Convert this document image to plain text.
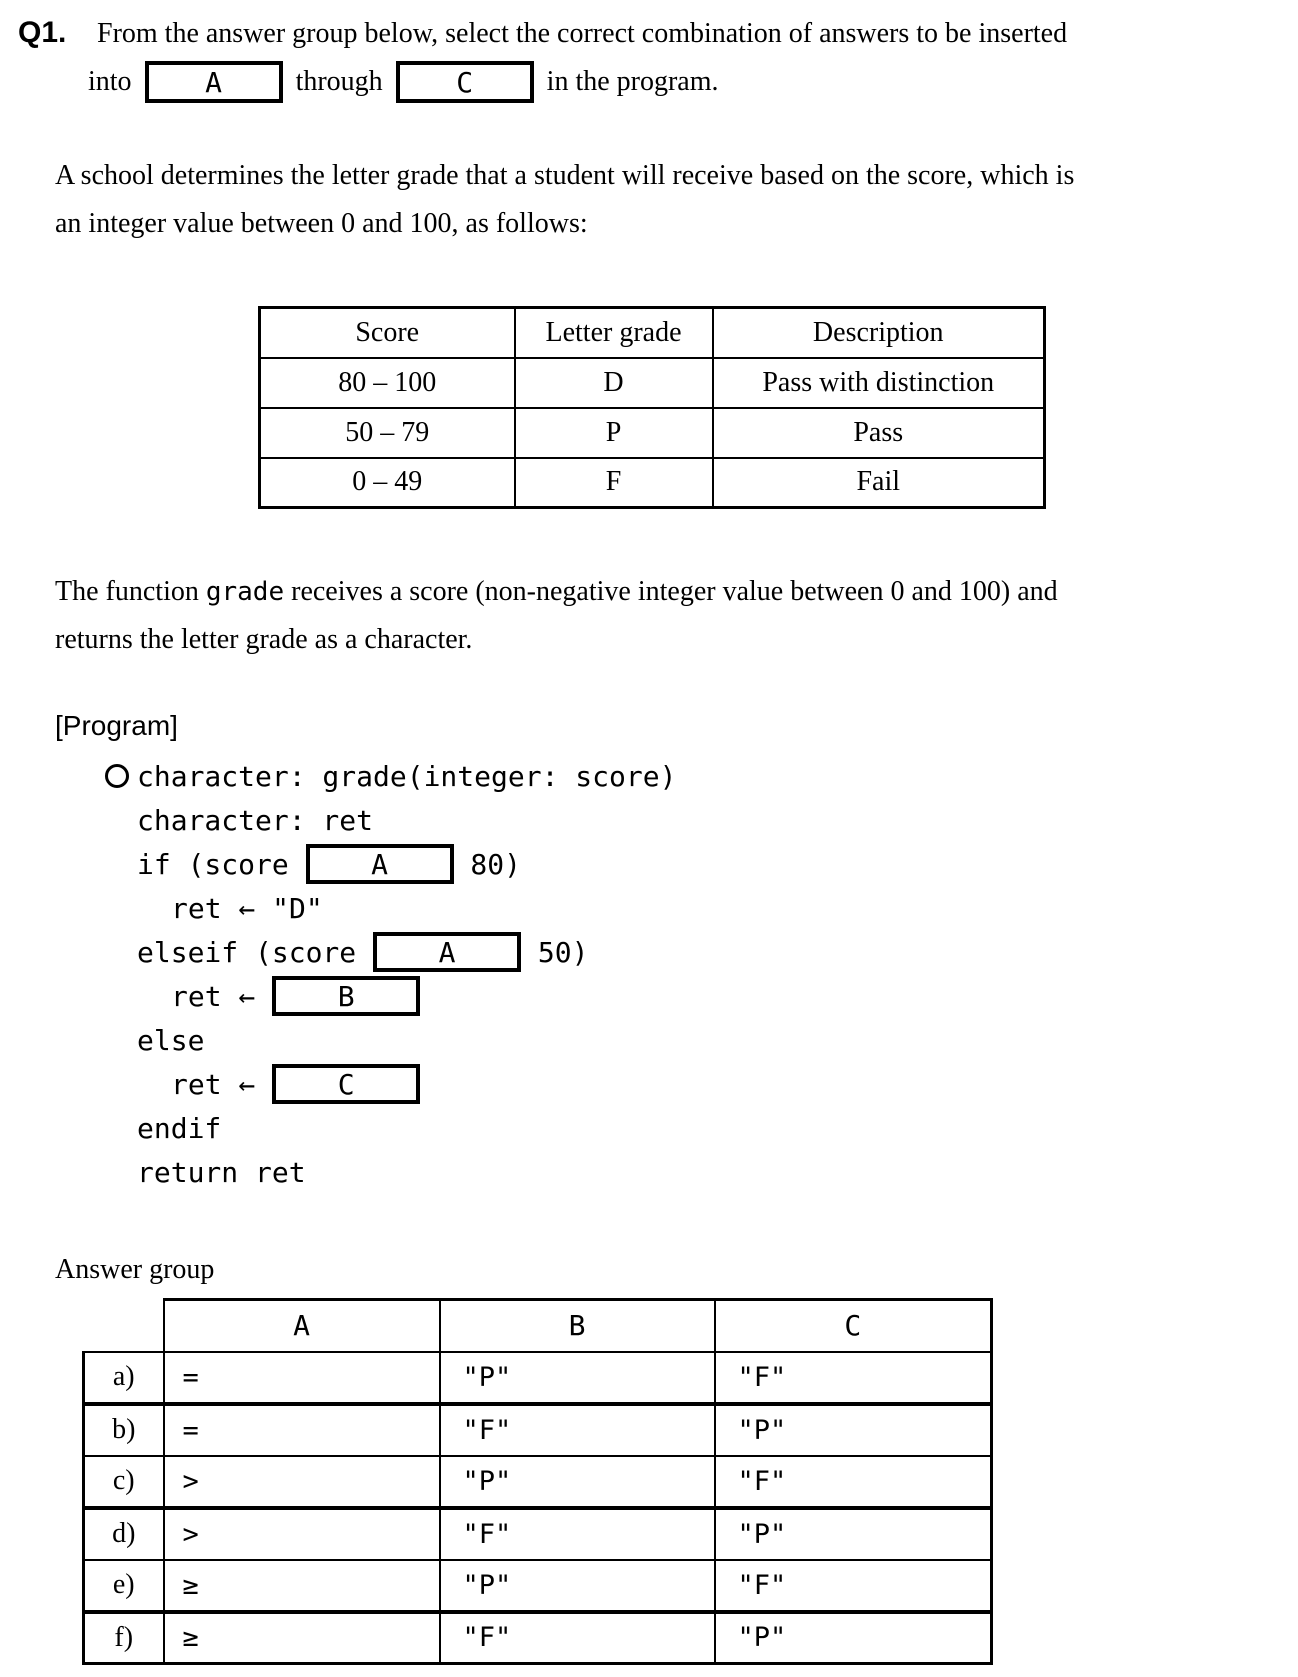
Q1. From the answer group below, select the correct combination of answers to be inserted
into	A	through	C	in the program.
A school determines the letter grade that a student will receive based on the score, which is
an integer value between 0 and 100, as follows:
Score	Letter grade	Description
80 – 100	D	Pass with distinction
50 – 79	P	Pass
0 – 49	F	Fail
The function grade receives a score (non-negative integer value between 0 and 100) and
returns the letter grade as a character.
[Program]
character: grade(integer: score)
character: ret
if (score	A	80)
ret ← "D"
elseif (score	A	50)
ret ←	B
else
ret ←	C
endif
return ret
Answer group
	A	B	C
a)	=	"P"	"F"
b)	=	"F"	"P"
c)	>	"P"	"F"
d)	>	"F"	"P"
e)	≥	"P"	"F"
f)	≥	"F"	"P"
